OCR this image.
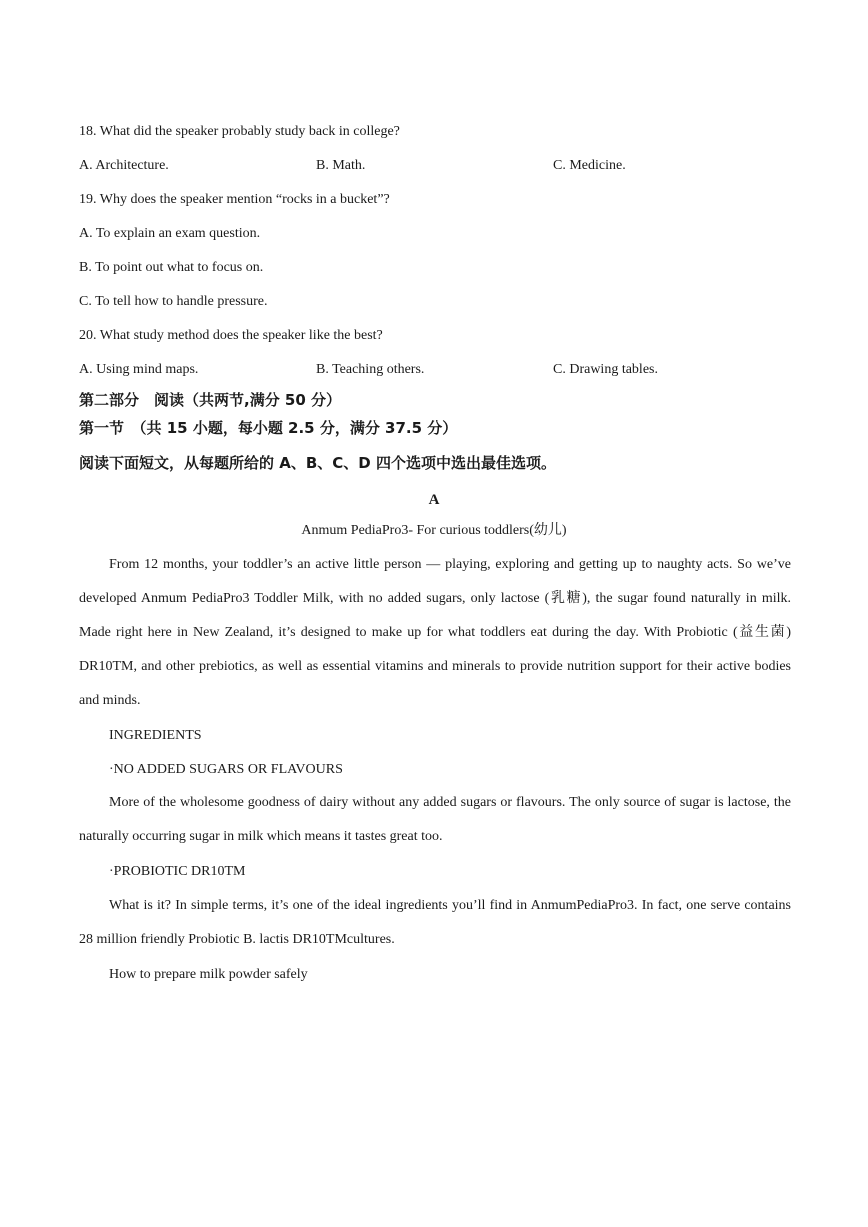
18. What did the speaker probably study back in college?
A. Architecture.	B. Math.	C. Medicine.
19. Why does the speaker mention “rocks in a bucket”?
A. To explain an exam question.
B. To point out what to focus on.
C. To tell how to handle pressure.
20. What study method does the speaker like the best?
A. Using mind maps.	B. Teaching others.	C. Drawing tables.
第二部分　阅读（共两节,满分 50 分）
第一节　（共 15 小题，每小题 2.5 分，满分 37.5 分）
阅读下面短文，从每题所给的 A、B、C、D 四个选项中选出最佳选项。
A
Anmum PediaPro3- For curious toddlers(幼儿)

From 12 months, your toddler’s an active little person — playing, exploring and getting up to naughty acts. So we’ve developed Anmum PediaPro3 Toddler Milk, with no added sugars, only lactose (乳糖), the sugar found naturally in milk. Made right here in New Zealand, it’s designed to make up for what toddlers eat during the day. With Probiotic (益生菌) DR10TM, and other prebiotics, as well as essential vitamins and minerals to provide nutrition support for their active bodies and minds.

INGREDIENTS
·NO ADDED SUGARS OR FLAVOURS

More of the wholesome goodness of dairy without any added sugars or flavours. The only source of sugar is lactose, the naturally occurring sugar in milk which means it tastes great too.

·PROBIOTIC DR10TM

What is it? In simple terms, it’s one of the ideal ingredients you’ll find in AnmumPediaPro3. In fact, one serve contains 28 million friendly Probiotic B. lactis DR10TMcultures.

How to prepare milk powder safely
